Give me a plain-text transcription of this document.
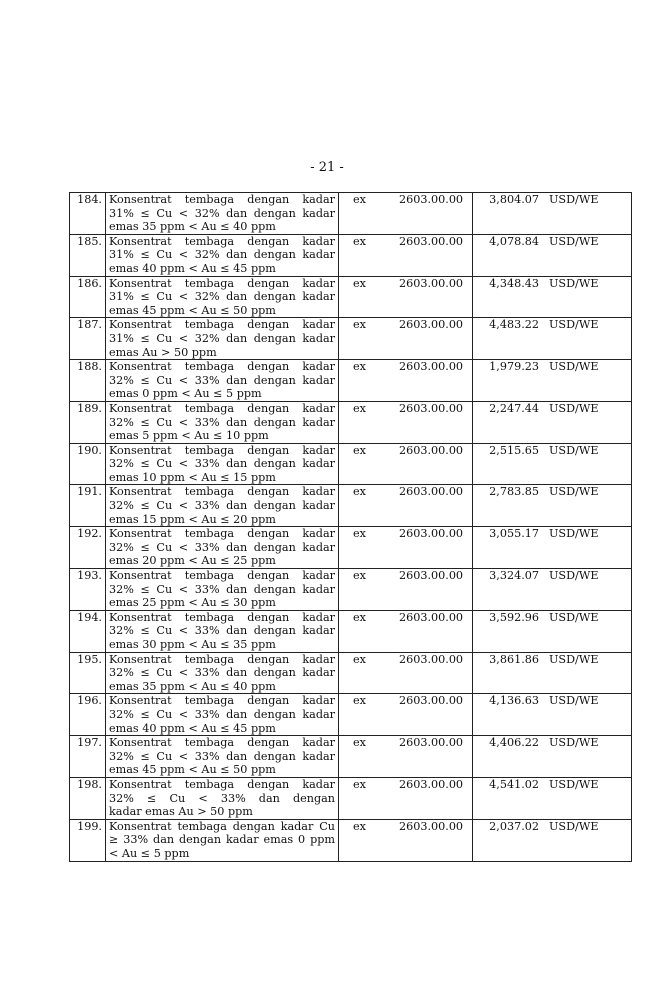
- 21 -
184.	Konsentrat tembaga dengan kadar
31% ≤ Cu < 32% dan dengan kadar
emas 35 ppm < Au ≤ 40 ppm	ex 2603.00.00	3,804.07 USD/WE
185.	Konsentrat tembaga dengan kadar
31% ≤ Cu < 32% dan dengan kadar
emas 40 ppm < Au ≤ 45 ppm	ex 2603.00.00	4,078.84 USD/WE
186.	Konsentrat tembaga dengan kadar
31% ≤ Cu < 32% dan dengan kadar
emas 45 ppm < Au ≤ 50 ppm	ex 2603.00.00	4,348.43 USD/WE
187.	Konsentrat tembaga dengan kadar
31% ≤ Cu < 32% dan dengan kadar
emas Au > 50 ppm	ex 2603.00.00	4,483.22 USD/WE
188.	Konsentrat tembaga dengan kadar
32% ≤ Cu < 33% dan dengan kadar
emas 0 ppm < Au ≤ 5 ppm	ex 2603.00.00	1,979.23 USD/WE
189.	Konsentrat tembaga dengan kadar
32% ≤ Cu < 33% dan dengan kadar
emas 5 ppm < Au ≤ 10 ppm	ex 2603.00.00	2,247.44 USD/WE
190.	Konsentrat tembaga dengan kadar
32% ≤ Cu < 33% dan dengan kadar
emas 10 ppm < Au ≤ 15 ppm	ex 2603.00.00	2,515.65 USD/WE
191.	Konsentrat tembaga dengan kadar
32% ≤ Cu < 33% dan dengan kadar
emas 15 ppm < Au ≤ 20 ppm	ex 2603.00.00	2,783.85 USD/WE
192.	Konsentrat tembaga dengan kadar
32% ≤ Cu < 33% dan dengan kadar
emas 20 ppm < Au ≤ 25 ppm	ex 2603.00.00	3,055.17 USD/WE
193.	Konsentrat tembaga dengan kadar
32% ≤ Cu < 33% dan dengan kadar
emas 25 ppm < Au ≤ 30 ppm	ex 2603.00.00	3,324.07 USD/WE
194.	Konsentrat tembaga dengan kadar
32% ≤ Cu < 33% dan dengan kadar
emas 30 ppm < Au ≤ 35 ppm	ex 2603.00.00	3,592.96 USD/WE
195.	Konsentrat tembaga dengan kadar
32% ≤ Cu < 33% dan dengan kadar
emas 35 ppm < Au ≤ 40 ppm	ex 2603.00.00	3,861.86 USD/WE
196.	Konsentrat tembaga dengan kadar
32% ≤ Cu < 33% dan dengan kadar
emas 40 ppm < Au ≤ 45 ppm	ex 2603.00.00	4,136.63 USD/WE
197.	Konsentrat tembaga dengan kadar
32% ≤ Cu < 33% dan dengan kadar
emas 45 ppm < Au ≤ 50 ppm	ex 2603.00.00	4,406.22 USD/WE
198.	Konsentrat tembaga dengan kadar
32% ≤ Cu < 33% dan dengan
kadar emas Au > 50 ppm	ex 2603.00.00	4,541.02 USD/WE
199.	Konsentrat tembaga dengan kadar Cu
≥ 33% dan dengan kadar emas 0 ppm
< Au ≤ 5 ppm	ex 2603.00.00	2,037.02 USD/WE
